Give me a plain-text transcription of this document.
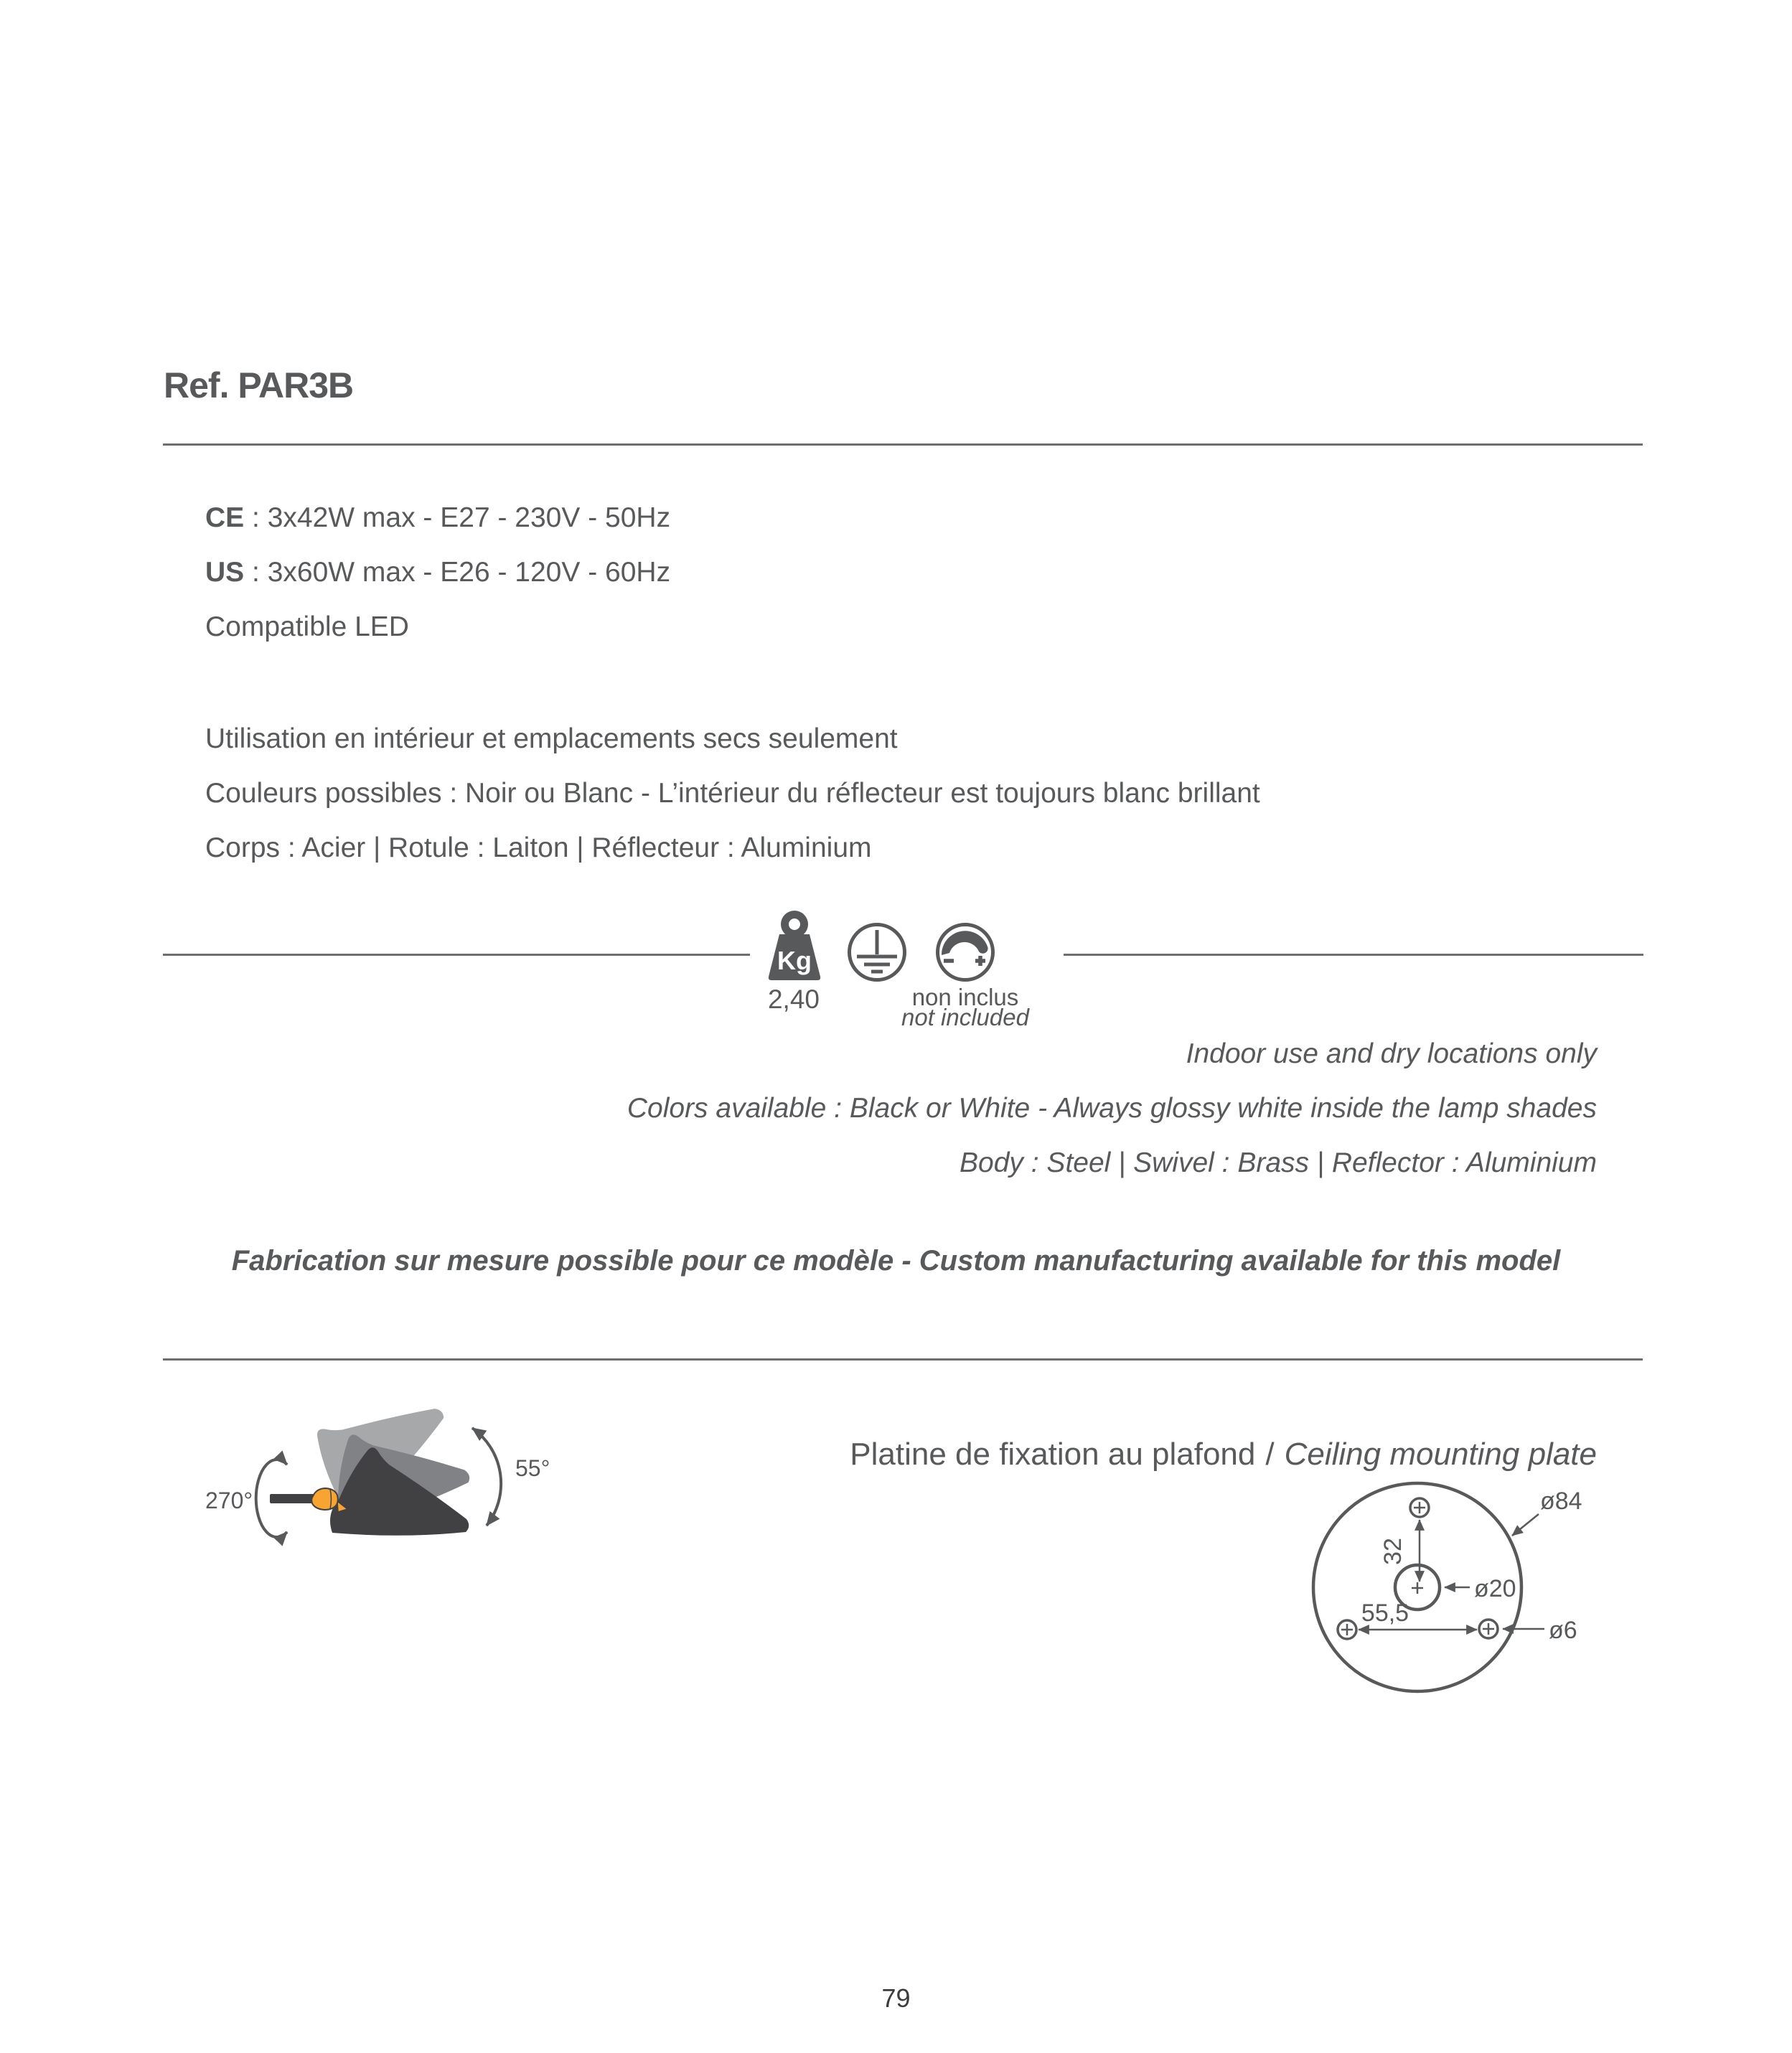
Ref. PAR3B
CE : 3x42W max - E27 - 230V - 50Hz
US : 3x60W max - E26 - 120V - 60Hz
Compatible LED
Utilisation en intérieur et emplacements secs seulement
Couleurs possibles : Noir ou Blanc - L’intérieur du réflecteur est toujours blanc brillant
Corps : Acier | Rotule : Laiton | Réflecteur : Aluminium
Kg
2,40	non inclus
not included
Indoor use and dry locations only
Colors available : Black or White - Always glossy white inside the lamp shades
Body : Steel | Swivel : Brass | Reflector : Aluminium
Fabrication sur mesure possible pour ce modèle - Custom manufacturing available for this model
270°
55°	Platine de fixation au plafond / Ceiling mounting plate
32
55,5
ø84
ø20
ø6
79
